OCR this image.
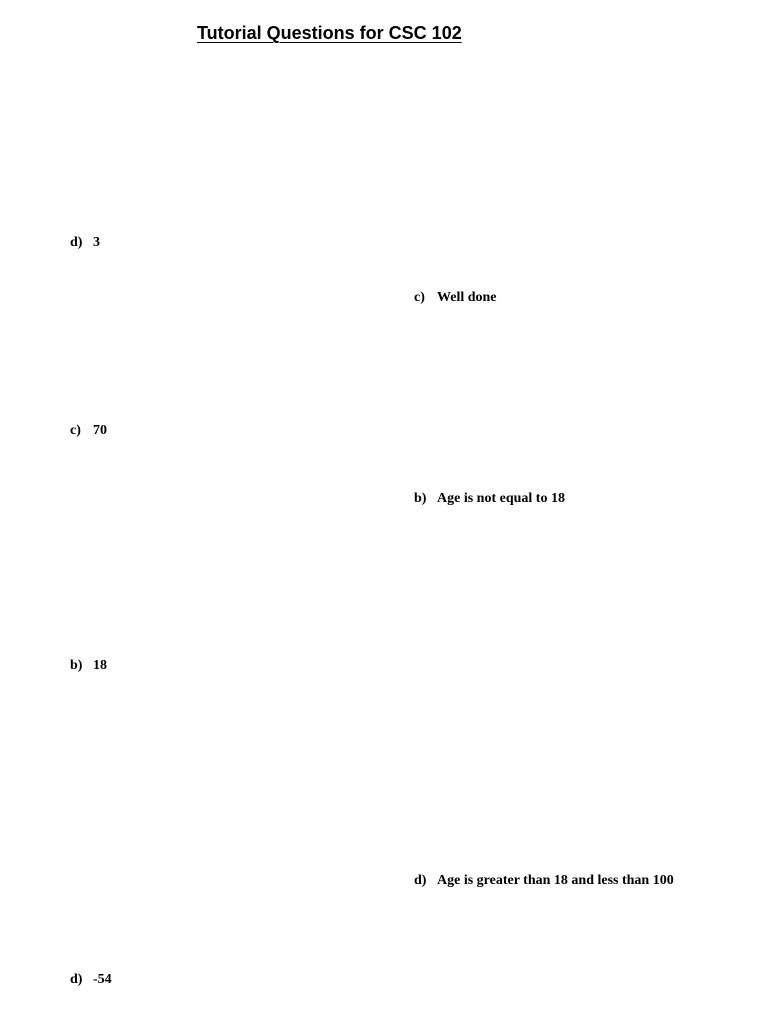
Tutorial Questions for CSC 102
d) 3
c) Well done
c) 70
b) Age is not equal to 18
b) 18
d) Age is greater than 18 and less than 100
d) -54
